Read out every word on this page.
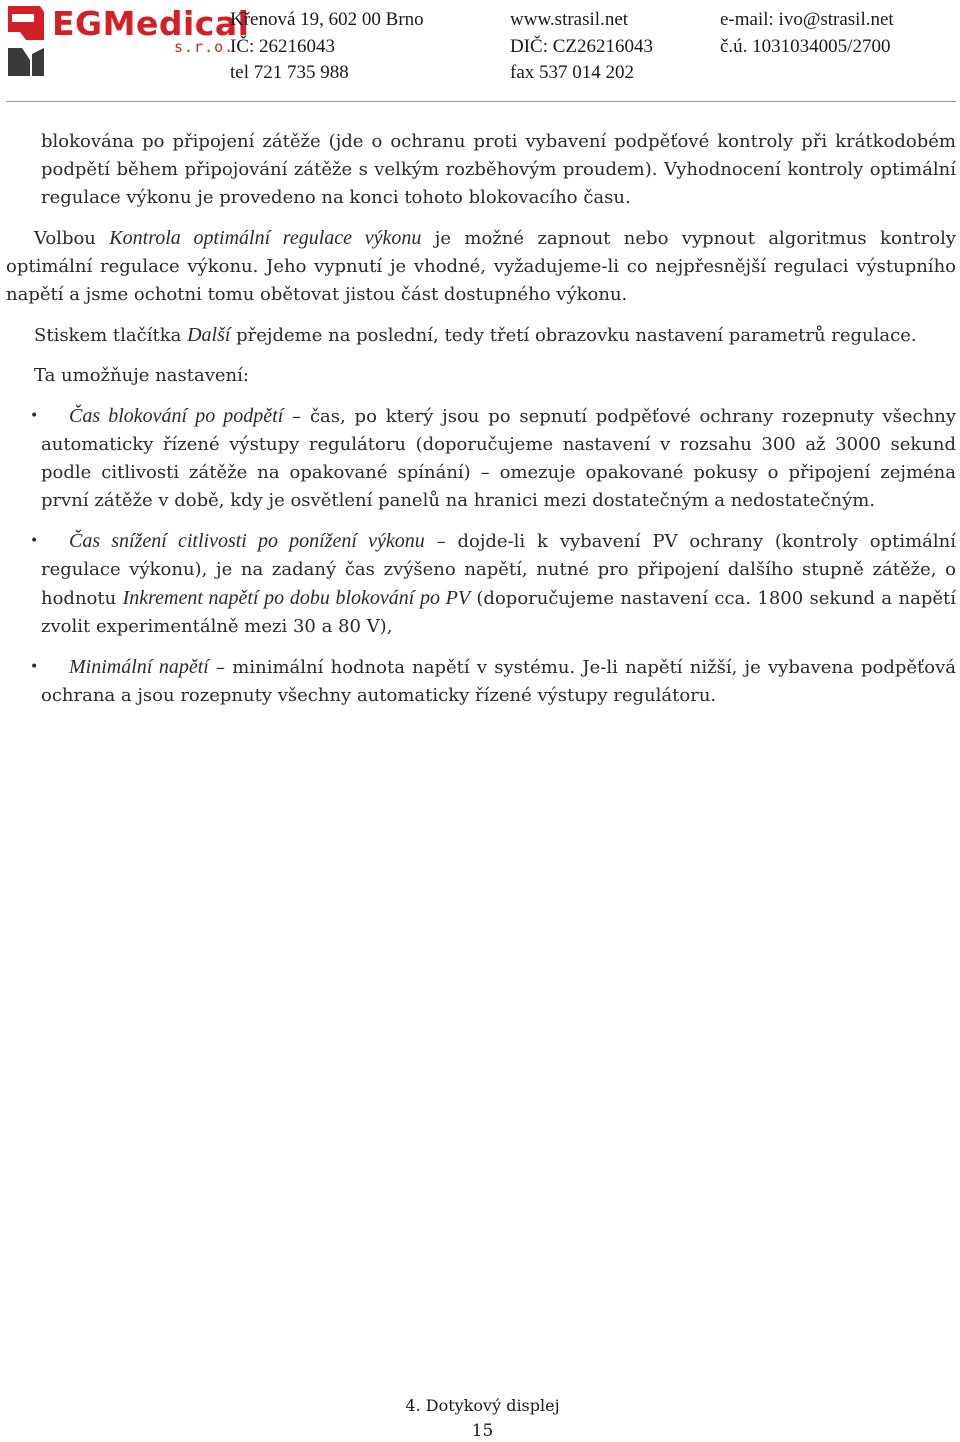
EGMedical
s.r.o.
Křenová 19, 602 00 Brno
IČ: 26216043
tel 721 735 988
www.strasil.net
DIČ: CZ26216043
fax 537 014 202
e-mail: ivo@strasil.net
č.ú. 1031034005/2700

blokována po připojení zátěže (jde o ochranu proti vybavení podpěťové kontroly při krátkodobém podpětí během připojování zátěže s velkým rozběhovým proudem). Vyhodnocení kontroly optimální regulace výkonu je provedeno na konci tohoto blokovacího času.

Volbou Kontrola optimální regulace výkonu je možné zapnout nebo vypnout algoritmus kontroly optimální regulace výkonu. Jeho vypnutí je vhodné, vyžadujeme-li co nejpřesnější regulaci výstupního napětí a jsme ochotni tomu obětovat jistou část dostupného výkonu.

Stiskem tlačítka Další přejdeme na poslední, tedy třetí obrazovku nastavení parametrů regulace.

Ta umožňuje nastavení:

•	Čas blokování po podpětí – čas, po který jsou po sepnutí podpěťové ochrany rozepnuty všechny automaticky řízené výstupy regulátoru (doporučujeme nastavení v rozsahu 300 až 3000 sekund podle citlivosti zátěže na opakované spínání) – omezuje opakované pokusy o připojení zejména první zátěže v době, kdy je osvětlení panelů na hranici mezi dostatečným a nedostatečným.
•	Čas snížení citlivosti po ponížení výkonu – dojde-li k vybavení PV ochrany (kontroly optimální regulace výkonu), je na zadaný čas zvýšeno napětí, nutné pro připojení dalšího stupně zátěže, o hodnotu Inkrement napětí po dobu blokování po PV (doporučujeme nastavení cca. 1800 sekund a napětí zvolit experimentálně mezi 30 a 80 V),
•	Minimální napětí – minimální hodnota napětí v systému. Je-li napětí nižší, je vybavena podpěťová ochrana a jsou rozepnuty všechny automaticky řízené výstupy regulátoru.
4. Dotykový displej
15
